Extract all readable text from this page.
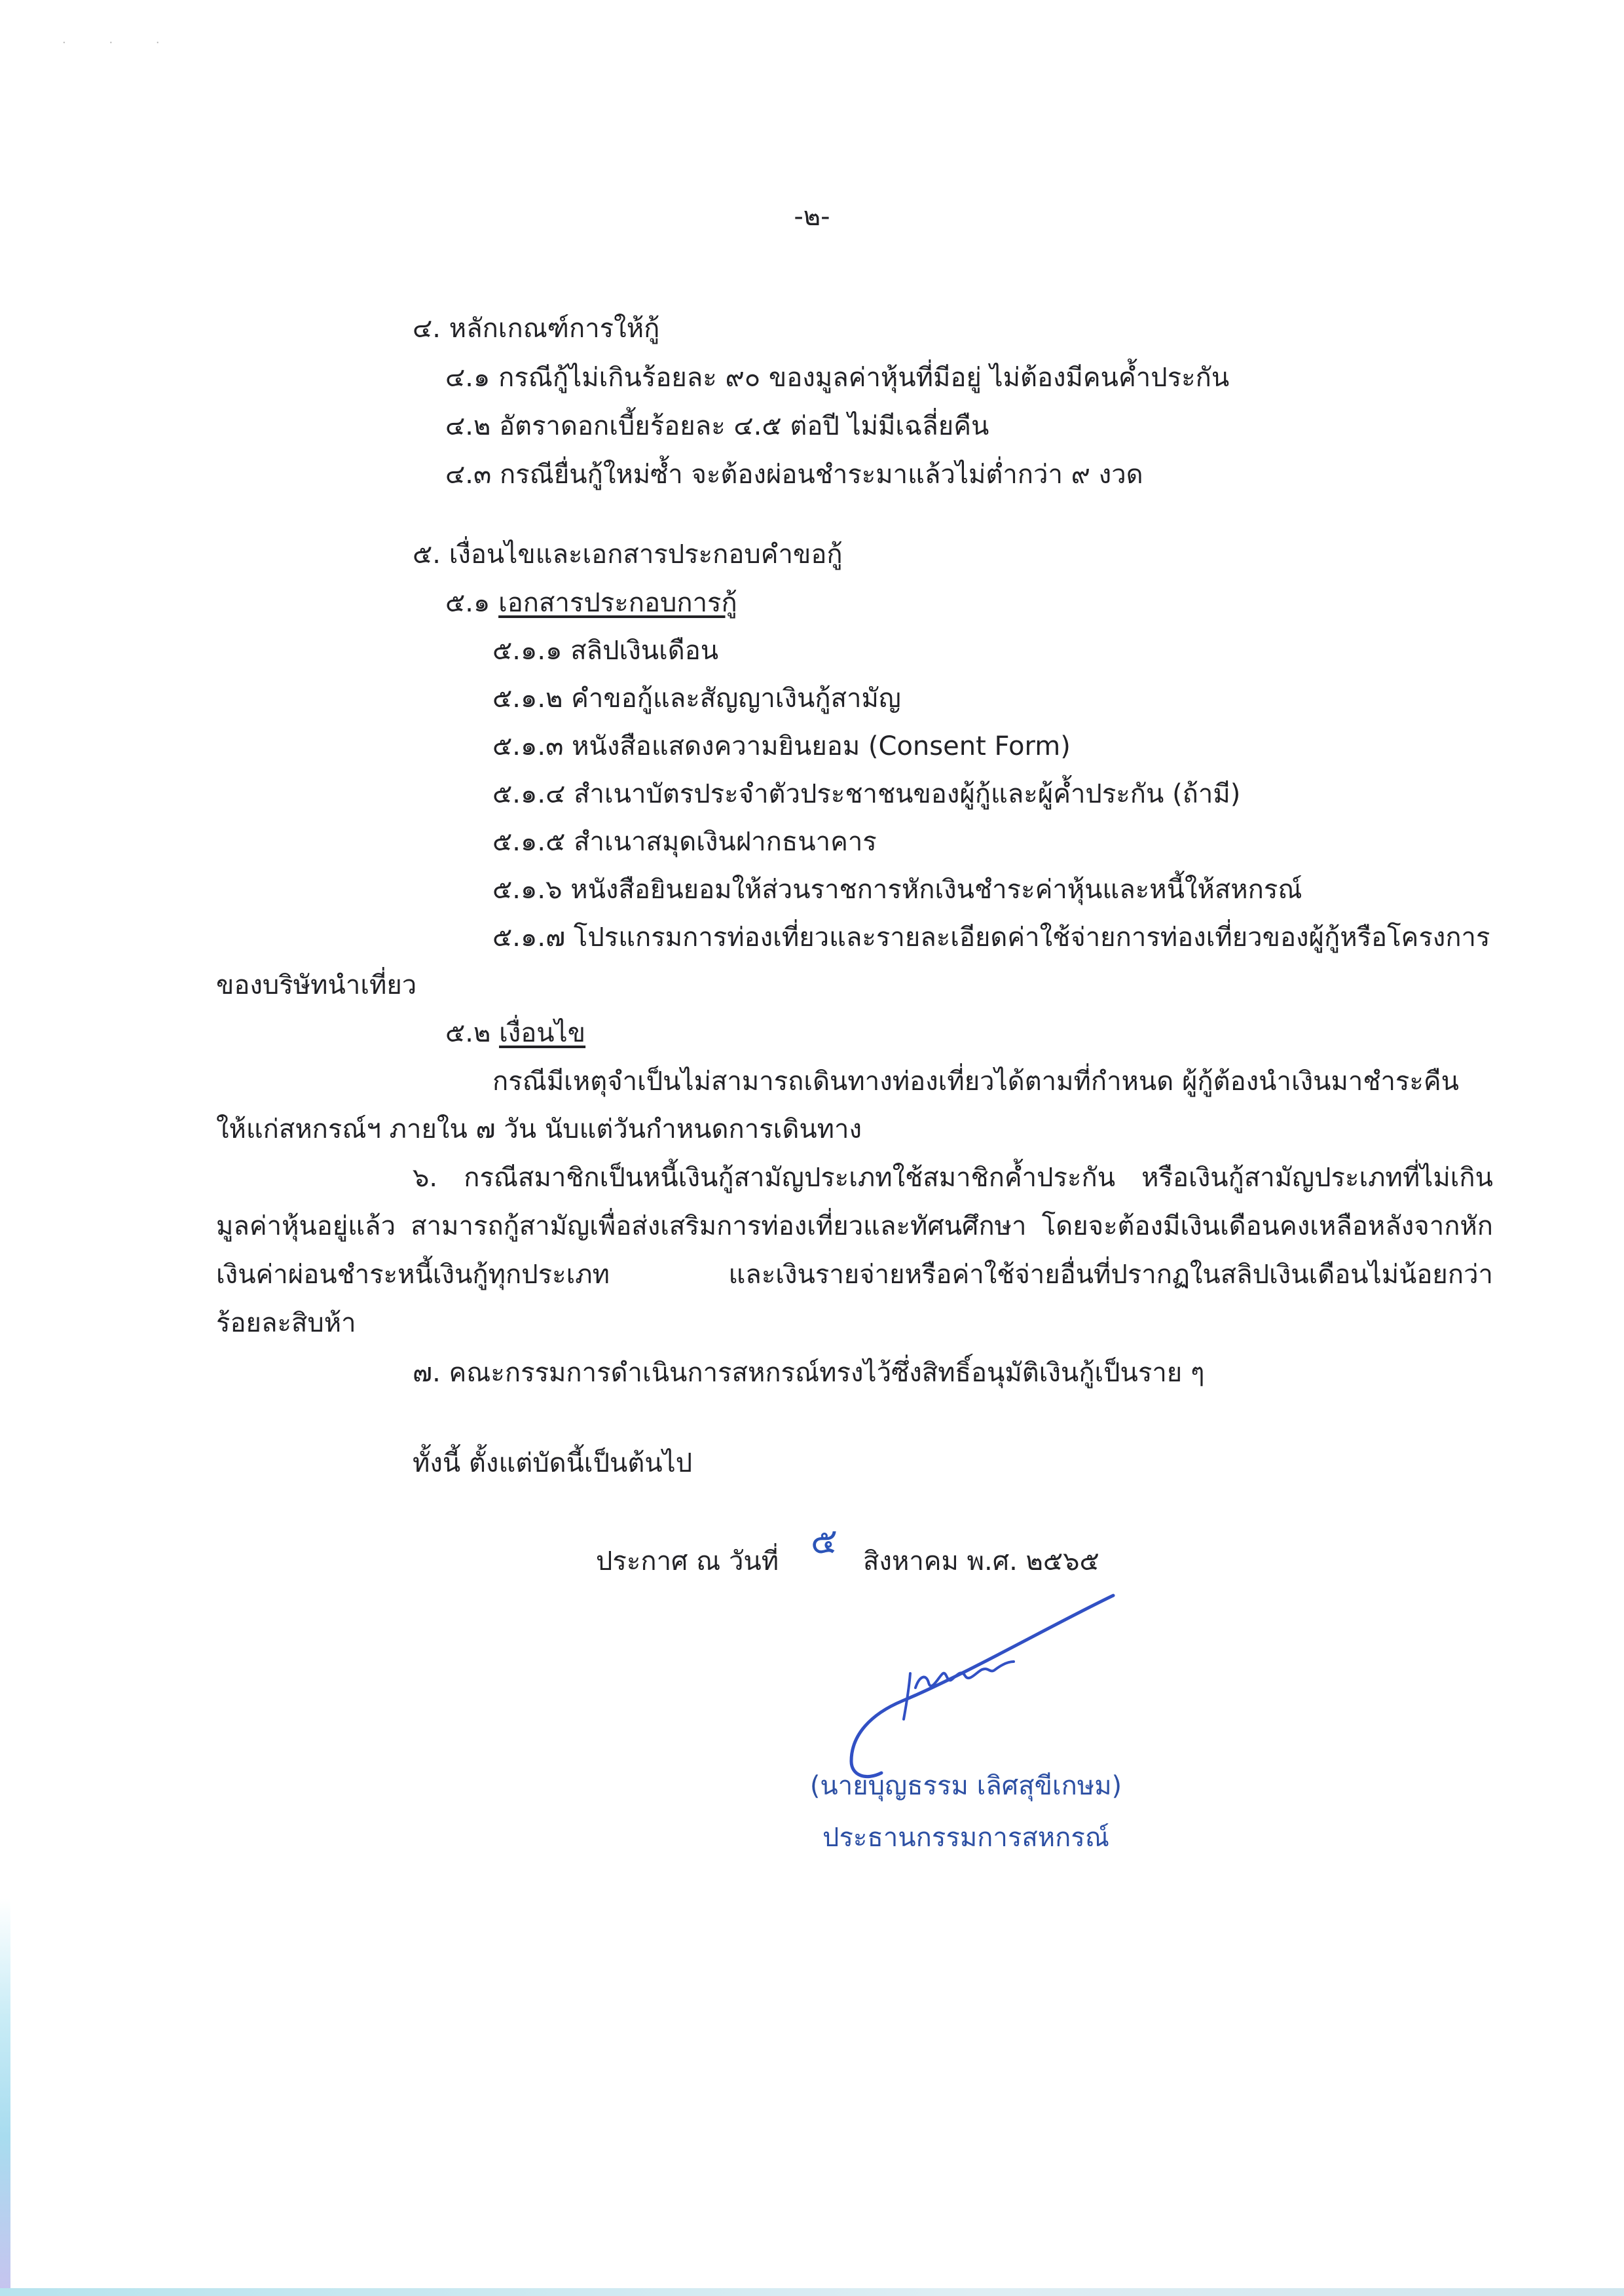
· · ·
-๒-
๔. หลักเกณฑ์การให้กู้
๔.๑ กรณีกู้ไม่เกินร้อยละ ๙๐ ของมูลค่าหุ้นที่มีอยู่ ไม่ต้องมีคนค้ำประกัน
๔.๒ อัตราดอกเบี้ยร้อยละ ๔.๕ ต่อปี ไม่มีเฉลี่ยคืน
๔.๓ กรณียื่นกู้ใหม่ซ้ำ จะต้องผ่อนชำระมาแล้วไม่ต่ำกว่า ๙ งวด
๕. เงื่อนไขและเอกสารประกอบคำขอกู้
๕.๑ เอกสารประกอบการกู้
๕.๑.๑ สลิปเงินเดือน
๕.๑.๒ คำขอกู้และสัญญาเงินกู้สามัญ
๕.๑.๓ หนังสือแสดงความยินยอม (Consent Form)
๕.๑.๔ สำเนาบัตรประจำตัวประชาชนของผู้กู้และผู้ค้ำประกัน (ถ้ามี)
๕.๑.๕ สำเนาสมุดเงินฝากธนาคาร
๕.๑.๖ หนังสือยินยอมให้ส่วนราชการหักเงินชำระค่าหุ้นและหนี้ให้สหกรณ์
๕.๑.๗ โปรแกรมการท่องเที่ยวและรายละเอียดค่าใช้จ่ายการท่องเที่ยวของผู้กู้หรือโครงการ
ของบริษัทนำเที่ยว
๕.๒ เงื่อนไข
กรณีมีเหตุจำเป็นไม่สามารถเดินทางท่องเที่ยวได้ตามที่กำหนด ผู้กู้ต้องนำเงินมาชำระคืน
ให้แก่สหกรณ์ฯ ภายใน ๗ วัน นับแต่วันกำหนดการเดินทาง
๖. กรณีสมาชิกเป็นหนี้เงินกู้สามัญประเภทใช้สมาชิกค้ำประกัน หรือเงินกู้สามัญประเภทที่ไม่เกิน
มูลค่าหุ้นอยู่แล้ว สามารถกู้สามัญเพื่อส่งเสริมการท่องเที่ยวและทัศนศึกษา โดยจะต้องมีเงินเดือนคงเหลือหลังจากหัก
เงินค่าผ่อนชำระหนี้เงินกู้ทุกประเภท และเงินรายจ่ายหรือค่าใช้จ่ายอื่นที่ปรากฏในสลิปเงินเดือนไม่น้อยกว่า
ร้อยละสิบห้า
๗. คณะกรรมการดำเนินการสหกรณ์ทรงไว้ซึ่งสิทธิ์อนุมัติเงินกู้เป็นราย ๆ
ทั้งนี้ ตั้งแต่บัดนี้เป็นต้นไป
ประกาศ ณ วันที่ ๕ สิงหาคม พ.ศ. ๒๕๖๕
(นายบุญธรรม เลิศสุขีเกษม)
ประธานกรรมการสหกรณ์
